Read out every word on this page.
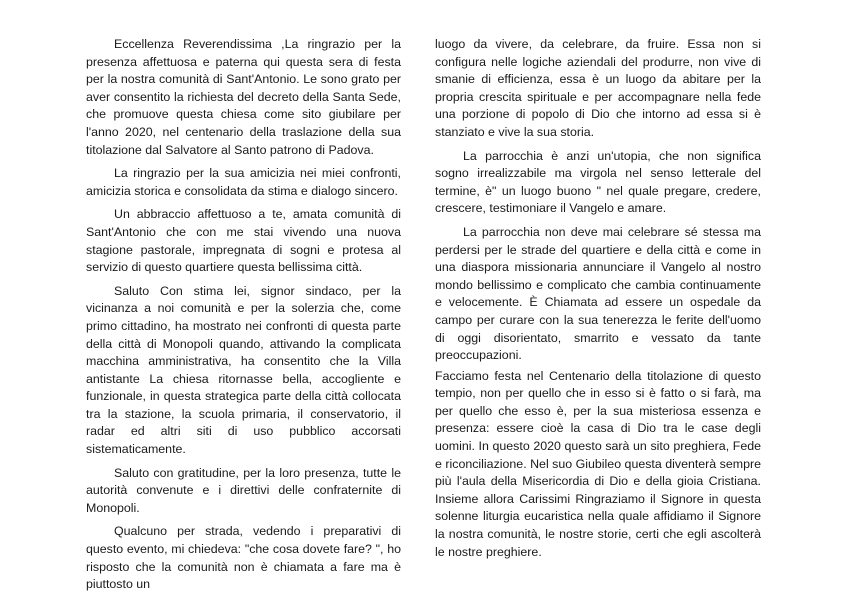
Eccellenza Reverendissima ,La ringrazio per la presenza affettuosa e paterna qui questa sera di festa per la nostra comunità di Sant'Antonio. Le sono grato per aver consentito la richiesta del decreto della Santa Sede, che promuove questa chiesa come sito giubilare per l'anno 2020, nel centenario della traslazione della sua titolazione dal Salvatore al Santo patrono di Padova.

La ringrazio per la sua amicizia nei miei confronti, amicizia storica e consolidata da stima e dialogo sincero.

Un abbraccio affettuoso a te, amata comunità di Sant'Antonio che con me stai vivendo una nuova stagione pastorale, impregnata di sogni e protesa al servizio di questo quartiere questa bellissima città.

Saluto Con stima lei, signor sindaco, per la vicinanza a noi comunità e per la solerzia che, come primo cittadino, ha mostrato nei confronti di questa parte della città di Monopoli quando, attivando la complicata macchina amministrativa, ha consentito che la Villa antistante La chiesa ritornasse bella, accogliente e funzionale, in questa strategica parte della città collocata tra la stazione, la scuola primaria, il conservatorio, il radar ed altri siti di uso pubblico accorsati sistematicamente.

Saluto con gratitudine, per la loro presenza, tutte le autorità convenute e i direttivi delle confraternite di Monopoli.

Qualcuno per strada, vedendo i preparativi di questo evento, mi chiedeva: "che cosa dovete fare? ", ho risposto che la comunità non è chiamata a fare ma è piuttosto un

luogo da vivere, da celebrare, da fruire. Essa non si configura nelle logiche aziendali del produrre, non vive di smanie di efficienza, essa è un luogo da abitare per la propria crescita spirituale e per accompagnare nella fede una porzione di popolo di Dio che intorno ad essa si è stanziato e vive la sua storia.

La parrocchia è anzi un'utopia, che non significa sogno irrealizzabile ma virgola nel senso letterale del termine, è" un luogo buono " nel quale pregare, credere, crescere, testimoniare il Vangelo e amare.

La parrocchia non deve mai celebrare sé stessa ma perdersi per le strade del quartiere e della città e come in una diaspora missionaria annunciare il Vangelo al nostro mondo bellissimo e complicato che cambia continuamente e velocemente. È Chiamata ad essere un ospedale da campo per curare con la sua tenerezza le ferite dell'uomo di oggi disorientato, smarrito e vessato da tante preoccupazioni.

Facciamo festa nel Centenario della titolazione di questo tempio, non per quello che in esso si è fatto o si farà, ma per quello che esso è, per la sua misteriosa essenza e presenza: essere cioè la casa di Dio tra le case degli uomini. In questo 2020 questo sarà un sito preghiera, Fede e riconciliazione. Nel suo Giubileo questa diventerà sempre più l'aula della Misericordia di Dio e della gioia Cristiana. Insieme allora Carissimi Ringraziamo il Signore in questa solenne liturgia eucaristica nella quale affidiamo il Signore la nostra comunità, le nostre storie, certi che egli ascolterà le nostre preghiere.
